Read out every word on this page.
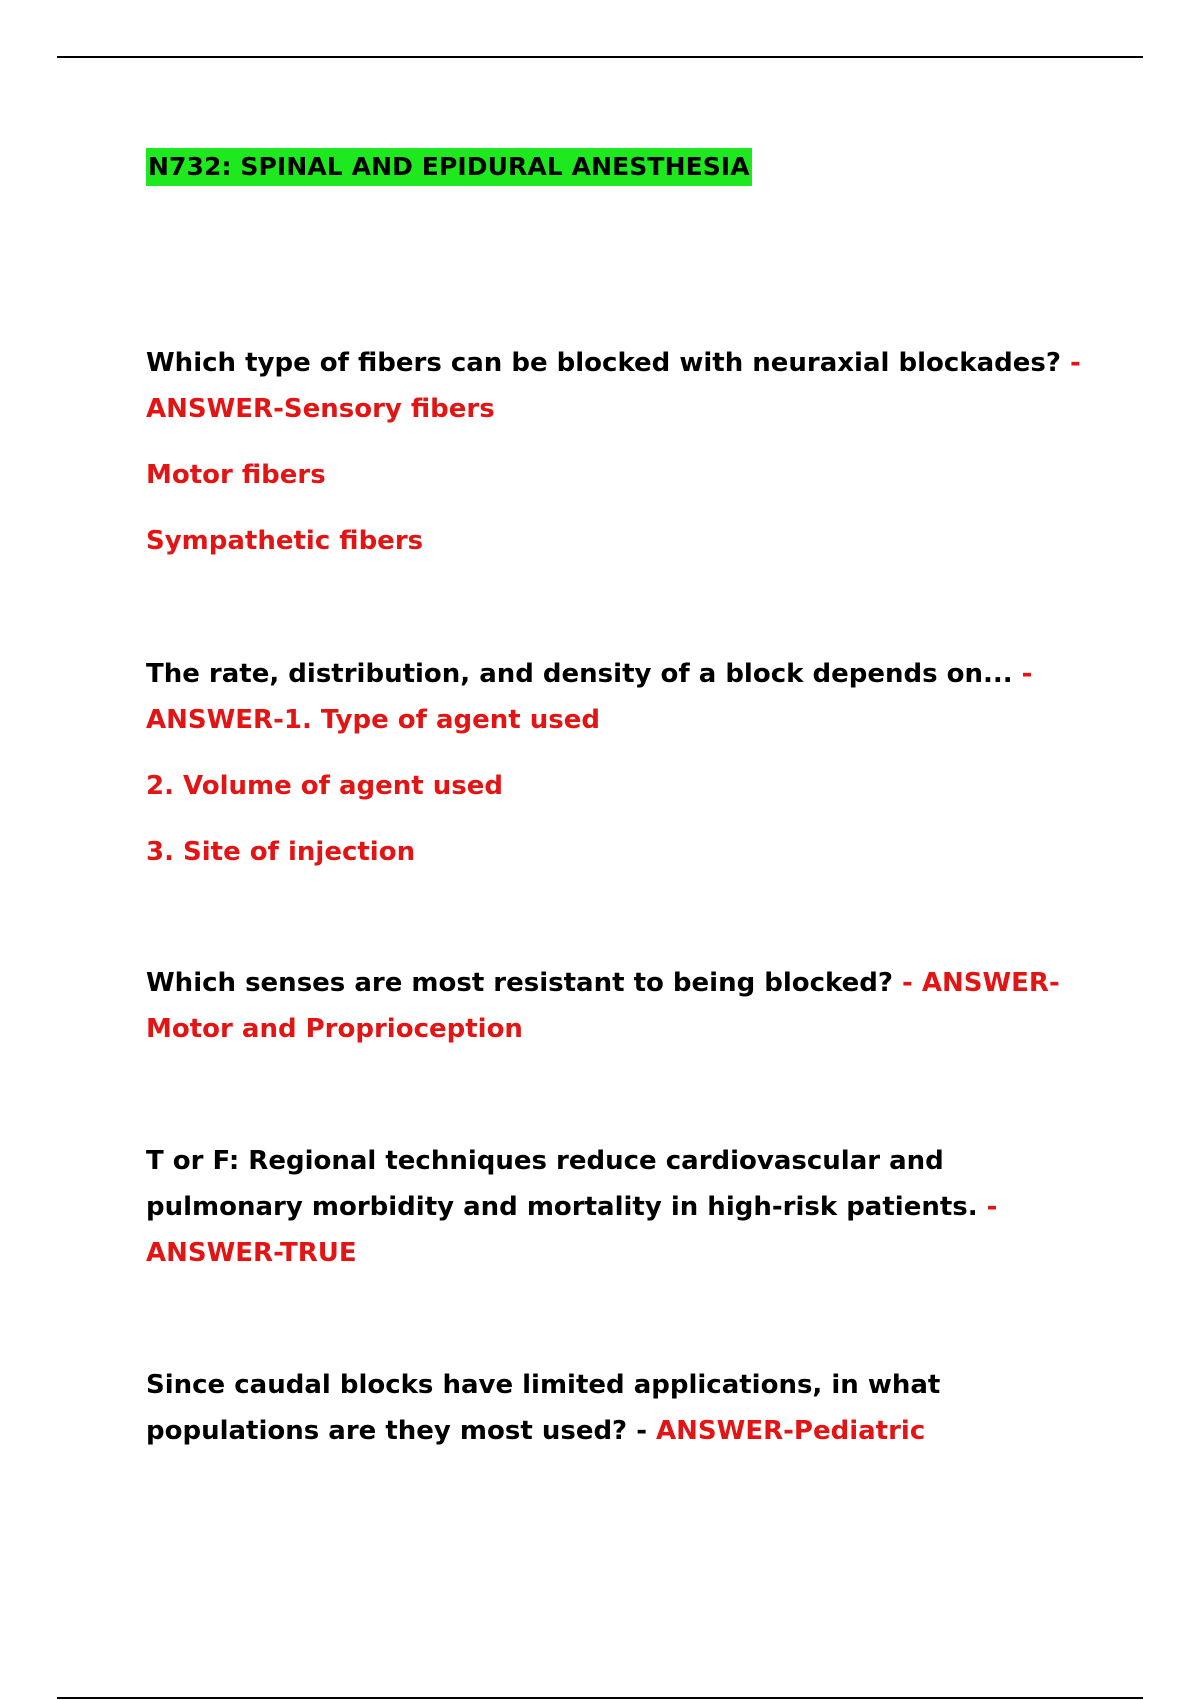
N732: SPINAL AND EPIDURAL ANESTHESIA

Which type of fibers can be blocked with neuraxial blockades? - ANSWER-Sensory fibers

Motor fibers

Sympathetic fibers

The rate, distribution, and density of a block depends on... - ANSWER-1. Type of agent used

2. Volume of agent used

3. Site of injection

Which senses are most resistant to being blocked? - ANSWER-Motor and Proprioception

T or F: Regional techniques reduce cardiovascular and pulmonary morbidity and mortality in high-risk patients. - ANSWER-TRUE

Since caudal blocks have limited applications, in what populations are they most used? - ANSWER-Pediatric
